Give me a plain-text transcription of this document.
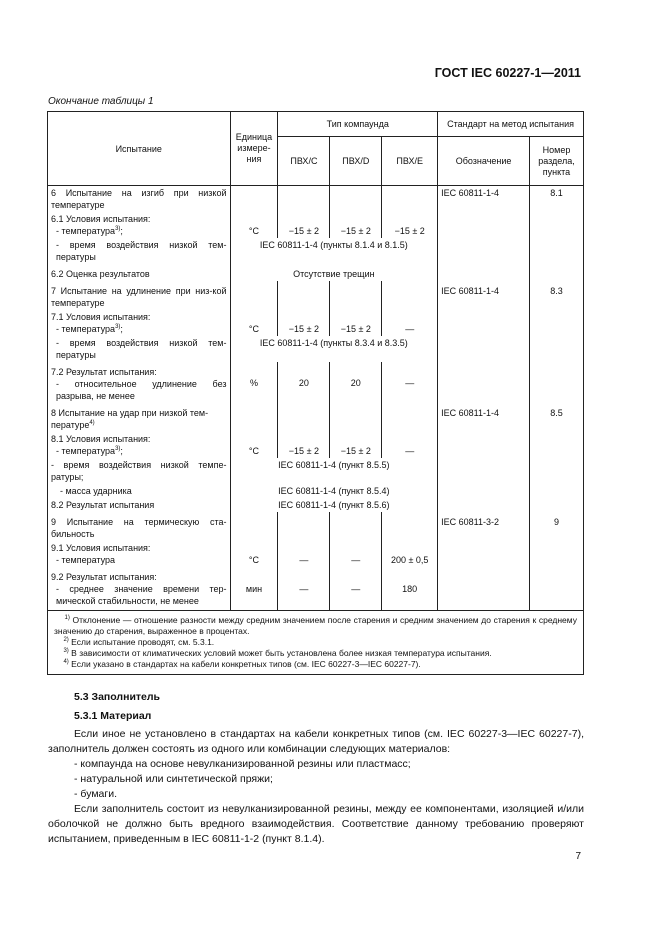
ГОСТ IEC 60227-1—2011
Окончание таблицы 1
Испытание	Единица измере-ния	Тип компаунда			Стандарт на метод испытания	
		ПВХ/С	ПВХ/D	ПВХ/E	Обозначение	Номер раздела, пункта
6 Испытание на изгиб при низкой температуре					IEC 60811-1-4	8.1

6.1 Условия испытания:
- температура$^{3)}$;	°С	−15 ± 2	−15 ± 2	−15 ± 2		
- время воздействия низкой тем-пературы	IEC 60811-1-4 (пункты 8.1.4 и 8.1.5)					
6.2 Оценка результатов	Отсутствие трещин					
7 Испытание на удлинение при низ-кой температуре					IEC 60811-1-4	8.3

7.1 Условия испытания:
- температура$^{3)}$;	°С	−15 ± 2	−15 ± 2	—		
- время воздействия низкой тем-пературы	IEC 60811-1-4 (пункты 8.3.4 и 8.3.5)					

7.2 Результат испытания:
- относительное удлинение без разрыва, не менее	%	20	20	—		
8 Испытание на удар при низкой тем-пературе$^{4)}$					IEC 60811-1-4	8.5

8.1 Условия испытания:
- температура$^{3)}$;	°С	−15 ± 2	−15 ± 2	—		
- время воздействия низкой темпе-ратуры;	IEC 60811-1-4 (пункт 8.5.5)					
- масса ударника	IEC 60811-1-4 (пункт 8.5.4)					
8.2 Результат испытания	IEC 60811-1-4 (пункт 8.5.6)					
9 Испытание на термическую ста-бильность					IEC 60811-3-2	9

9.1 Условия испытания:
- температура	°С	—	—	200 ± 0,5		

9.2 Результат испытания:
- среднее значение времени тер-мической стабильности, не менее	мин	—	—	180		

$^{1)}$ Отклонение — отношение разности между средним значением после старения и средним значением до старения к среднему значению до старения, выраженное в процентах.
$^{2)}$ Если испытание проводят, см. 5.3.1.
$^{3)}$ В зависимости от климатических условий может быть установлена более низкая температура испытания.
$^{4)}$ Если указано в стандартах на кабели конкретных типов (см. IEC 60227-3—IEC 60227-7).						
5.3 Заполнитель
5.3.1 Материал
Если иное не установлено в стандартах на кабели конкретных типов (см. IEC 60227-3—IEC 60227-7), заполнитель должен состоять из одного или комбинации следующих материалов:
- компаунда на основе невулканизированной резины или пластмасс;
- натуральной или синтетической пряжи;
- бумаги.
Если заполнитель состоит из невулканизированной резины, между ее компонентами, изоляцией и/или оболочкой не должно быть вредного взаимодействия. Соответствие данному требованию проверяют испытанием, приведенным в IEC 60811-1-2 (пункт 8.1.4).
7
